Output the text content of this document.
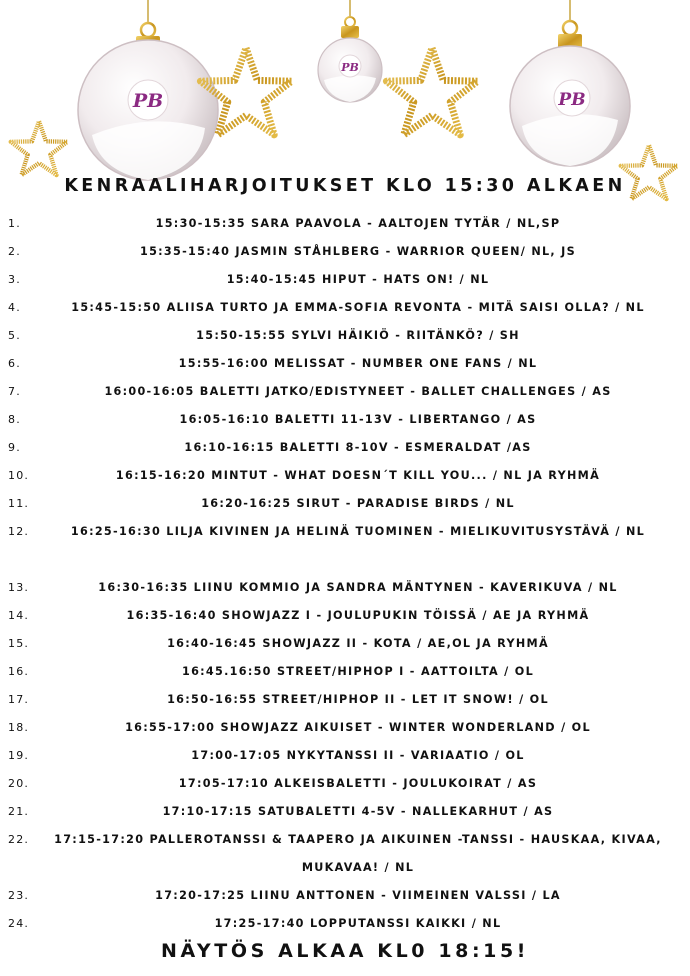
PB
PB
PB
KENRAALIHARJOITUKSET KLO 15:30 ALKAEN
1.	15:30-15:35 SARA PAAVOLA - AALTOJEN TYTÄR / NL,SP
2.	15:35-15:40 JASMIN STÅHLBERG - WARRIOR QUEEN/ NL, JS
3.	15:40-15:45 HIPUT - HATS ON! / NL
4.	15:45-15:50 ALIISA TURTO JA EMMA-SOFIA REVONTA - MITÄ SAISI OLLA? / NL
5.	15:50-15:55 SYLVI HÄIKIÖ - RIITÄNKÖ? / SH
6.	15:55-16:00 MELISSAT - NUMBER ONE FANS / NL
7.	16:00-16:05 BALETTI JATKO/EDISTYNEET - BALLET CHALLENGES / AS
8.	16:05-16:10 BALETTI 11-13V - LIBERTANGO / AS
9.	16:10-16:15 BALETTI 8-10V - ESMERALDAT /AS
10.	16:15-16:20 MINTUT - WHAT DOESN´T KILL YOU... / NL JA RYHMÄ
11.	16:20-16:25 SIRUT - PARADISE BIRDS / NL
12.	16:25-16:30 LILJA KIVINEN JA HELINÄ TUOMINEN - MIELIKUVITUSYSTÄVÄ / NL
13.	16:30-16:35 LIINU KOMMIO JA SANDRA MÄNTYNEN - KAVERIKUVA / NL
14.	16:35-16:40 SHOWJAZZ I - JOULUPUKIN TÖISSÄ / AE JA RYHMÄ
15.	16:40-16:45 SHOWJAZZ II - KOTA / AE,OL JA RYHMÄ
16.	16:45.16:50 STREET/HIPHOP I - AATTOILTA / OL
17.	16:50-16:55 STREET/HIPHOP II - LET IT SNOW! / OL
18.	16:55-17:00 SHOWJAZZ AIKUISET - WINTER WONDERLAND / OL
19.	17:00-17:05 NYKYTANSSI II - VARIAATIO / OL
20.	17:05-17:10 ALKEISBALETTI - JOULUKOIRAT / AS
21.	17:10-17:15 SATUBALETTI 4-5V - NALLEKARHUT / AS
22.	17:15-17:20 PALLEROTANSSI & TAAPERO JA AIKUINEN -TANSSI - HAUSKAA, KIVAA, MUKAVAA! / NL
23.	17:20-17:25 LIINU ANTTONEN - VIIMEINEN VALSSI / LA
24.	17:25-17:40 LOPPUTANSSI KAIKKI / NL
NÄYTÖS ALKAA KL0 18:15!
